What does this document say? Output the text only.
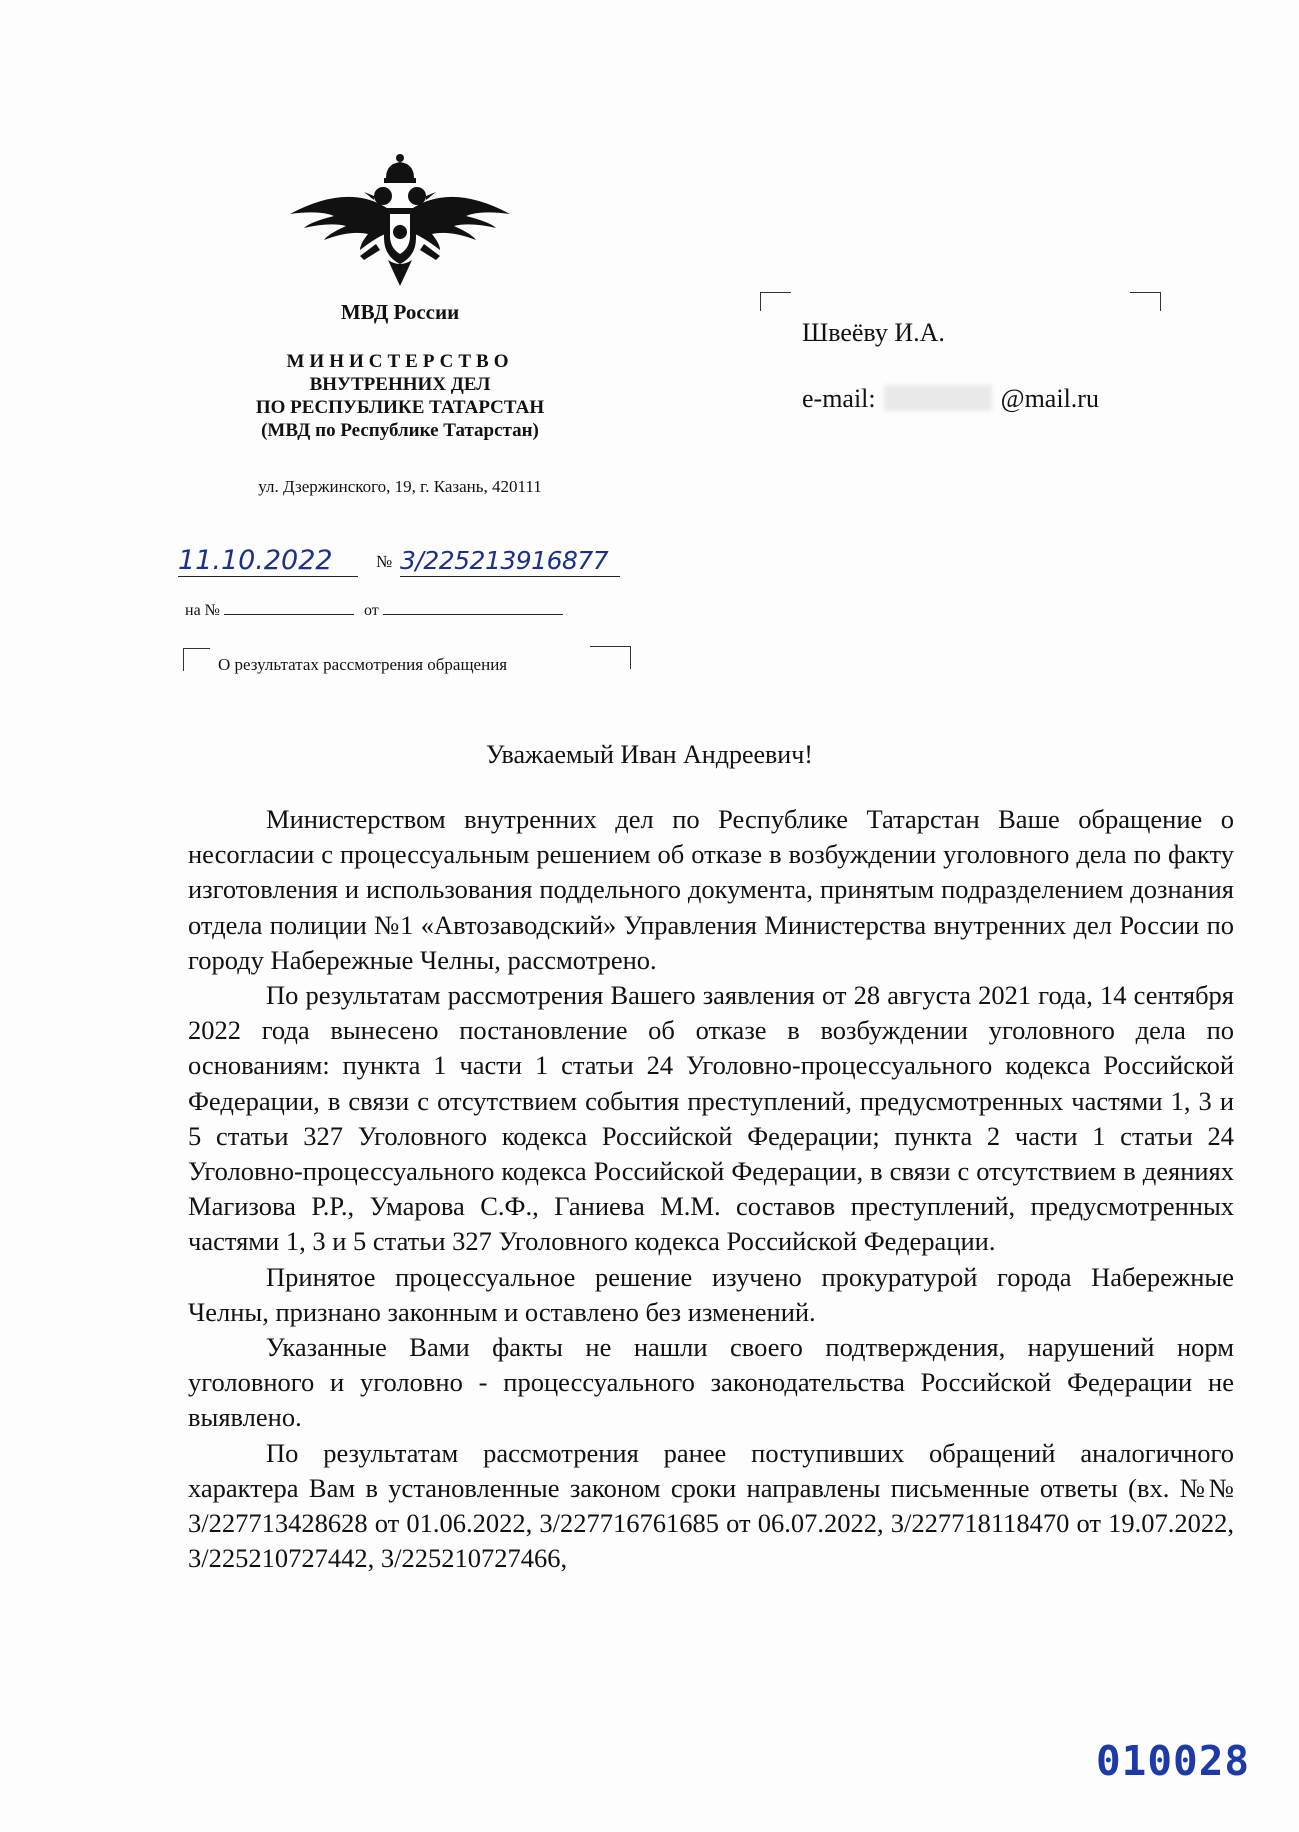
МВД России
МИНИСТЕРСТВО
ВНУТРЕННИХ ДЕЛ
ПО РЕСПУБЛИКЕ ТАТАРСТАН
(МВД по Республике Татарстан)
ул. Дзержинского, 19, г. Казань, 420111
11.10.2022	№ 3/225213916877
на №	от
О результатах рассмотрения обращения
Швеёву И.А.
e-mail:	@mail.ru
Уважаемый Иван Андреевич!

Министерством внутренних дел по Республике Татарстан Ваше обращение о несогласии с процессуальным решением об отказе в возбуждении уголовного дела по факту изготовления и использования поддельного документа, принятым подразделением дознания отдела полиции №1 «Автозаводский» Управления Министерства внутренних дел России по городу Набережные Челны, рассмотрено.

По результатам рассмотрения Вашего заявления от 28 августа 2021 года, 14 сентября 2022 года вынесено постановление об отказе в возбуждении уголовного дела по основаниям: пункта 1 части 1 статьи 24 Уголовно-процессуального кодекса Российской Федерации, в связи с отсутствием события преступлений, предусмотренных частями 1, 3 и 5 статьи 327 Уголовного кодекса Российской Федерации; пункта 2 части 1 статьи 24 Уголовно-процессуального кодекса Российской Федерации, в связи с отсутствием в деяниях Магизова Р.Р., Умарова С.Ф., Ганиева М.М. составов преступлений, предусмотренных частями 1, 3 и 5 статьи 327 Уголовного кодекса Российской Федерации.

Принятое процессуальное решение изучено прокуратурой города Набережные Челны, признано законным и оставлено без изменений.

Указанные Вами факты не нашли своего подтверждения, нарушений норм уголовного и уголовно - процессуального законодательства Российской Федерации не выявлено.

По результатам рассмотрения ранее поступивших обращений аналогичного характера Вам в установленные законом сроки направлены письменные ответы (вх. №№ 3/227713428628 от 01.06.2022, 3/227716761685 от 06.07.2022, 3/227718118470 от 19.07.2022, 3/225210727442, 3/225210727466,

010028
